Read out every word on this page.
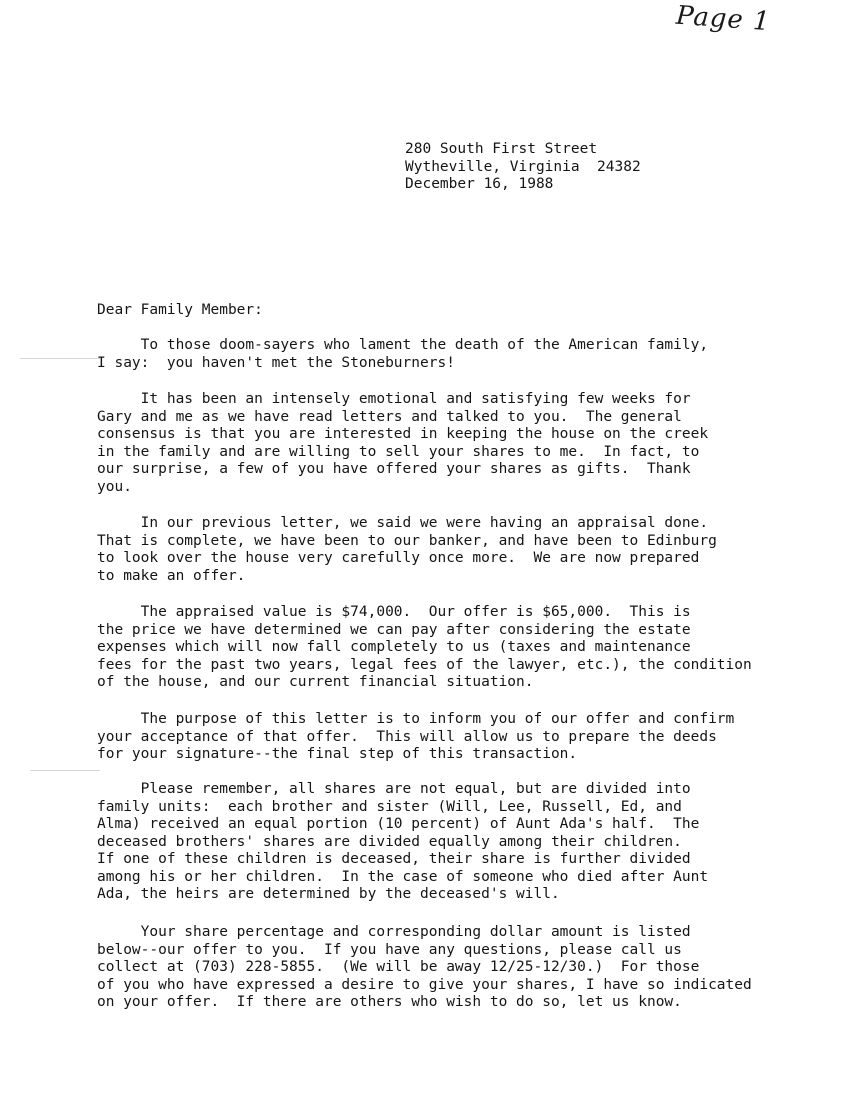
Page 1
280 South First Street
Wytheville, Virginia  24382
December 16, 1988
Dear Family Member:
To those doom-sayers who lament the death of the American family,
I say:  you haven't met the Stoneburners!
It has been an intensely emotional and satisfying few weeks for
Gary and me as we have read letters and talked to you.  The general
consensus is that you are interested in keeping the house on the creek
in the family and are willing to sell your shares to me.  In fact, to
our surprise, a few of you have offered your shares as gifts.  Thank
you.
In our previous letter, we said we were having an appraisal done.
That is complete, we have been to our banker, and have been to Edinburg
to look over the house very carefully once more.  We are now prepared
to make an offer.
The appraised value is $74,000.  Our offer is $65,000.  This is
the price we have determined we can pay after considering the estate
expenses which will now fall completely to us (taxes and maintenance
fees for the past two years, legal fees of the lawyer, etc.), the condition
of the house, and our current financial situation.
The purpose of this letter is to inform you of our offer and confirm
your acceptance of that offer.  This will allow us to prepare the deeds
for your signature--the final step of this transaction.
Please remember, all shares are not equal, but are divided into
family units:  each brother and sister (Will, Lee, Russell, Ed, and
Alma) received an equal portion (10 percent) of Aunt Ada's half.  The
deceased brothers' shares are divided equally among their children.
If one of these children is deceased, their share is further divided
among his or her children.  In the case of someone who died after Aunt
Ada, the heirs are determined by the deceased's will.
Your share percentage and corresponding dollar amount is listed
below--our offer to you.  If you have any questions, please call us
collect at (703) 228-5855.  (We will be away 12/25-12/30.)  For those
of you who have expressed a desire to give your shares, I have so indicated
on your offer.  If there are others who wish to do so, let us know.
